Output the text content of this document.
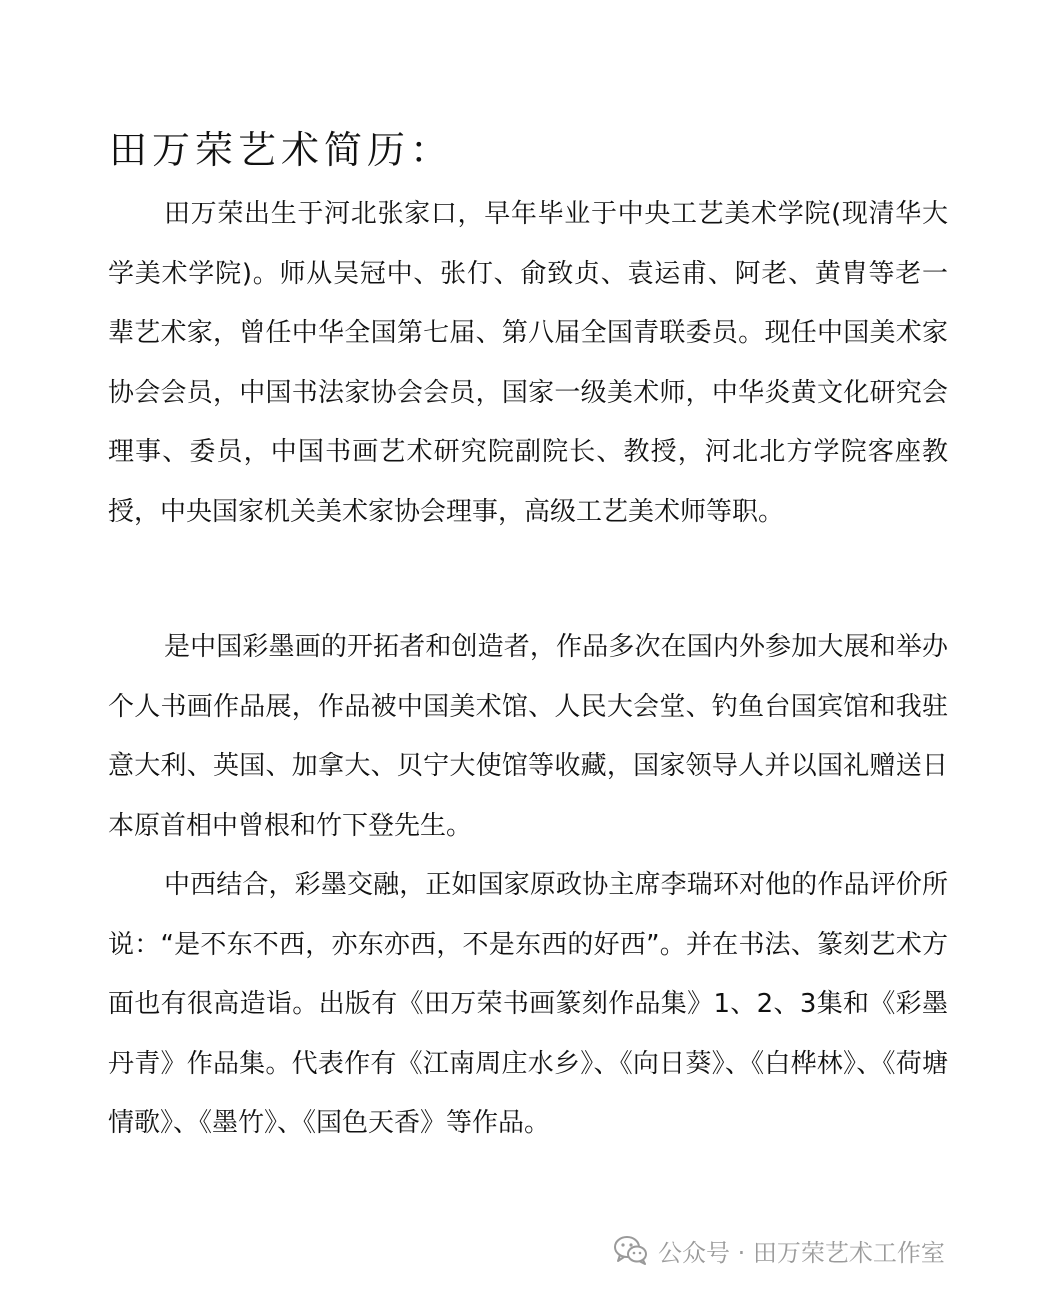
田万荣艺术简历：

田万荣出生于河北张家口，早年毕业于中央工艺美术学院(现清华大学美术学院)。师从吴冠中、张仃、俞致贞、袁运甫、阿老、黄胄等老一辈艺术家，曾任中华全国第七届、第八届全国青联委员。现任中国美术家协会会员，中国书法家协会会员，国家一级美术师，中华炎黄文化研究会理事、委员，中国书画艺术研究院副院长、教授，河北北方学院客座教授，中央国家机关美术家协会理事，高级工艺美术师等职。

是中国彩墨画的开拓者和创造者，作品多次在国内外参加大展和举办个人书画作品展，作品被中国美术馆、人民大会堂、钓鱼台国宾馆和我驻意大利、英国、加拿大、贝宁大使馆等收藏，国家领导人并以国礼赠送日本原首相中曾根和竹下登先生。

中西结合，彩墨交融，正如国家原政协主席李瑞环对他的作品评价所说：“是不东不西，亦东亦西，不是东西的好西”。并在书法、篆刻艺术方面也有很高造诣。出版有《田万荣书画篆刻作品集》1、2、3集和《彩墨丹青》作品集。代表作有《江南周庄水乡》、《向日葵》、《白桦林》、《荷塘情歌》、《墨竹》、《国色天香》等作品。

公众号 · 田万荣艺术工作室
